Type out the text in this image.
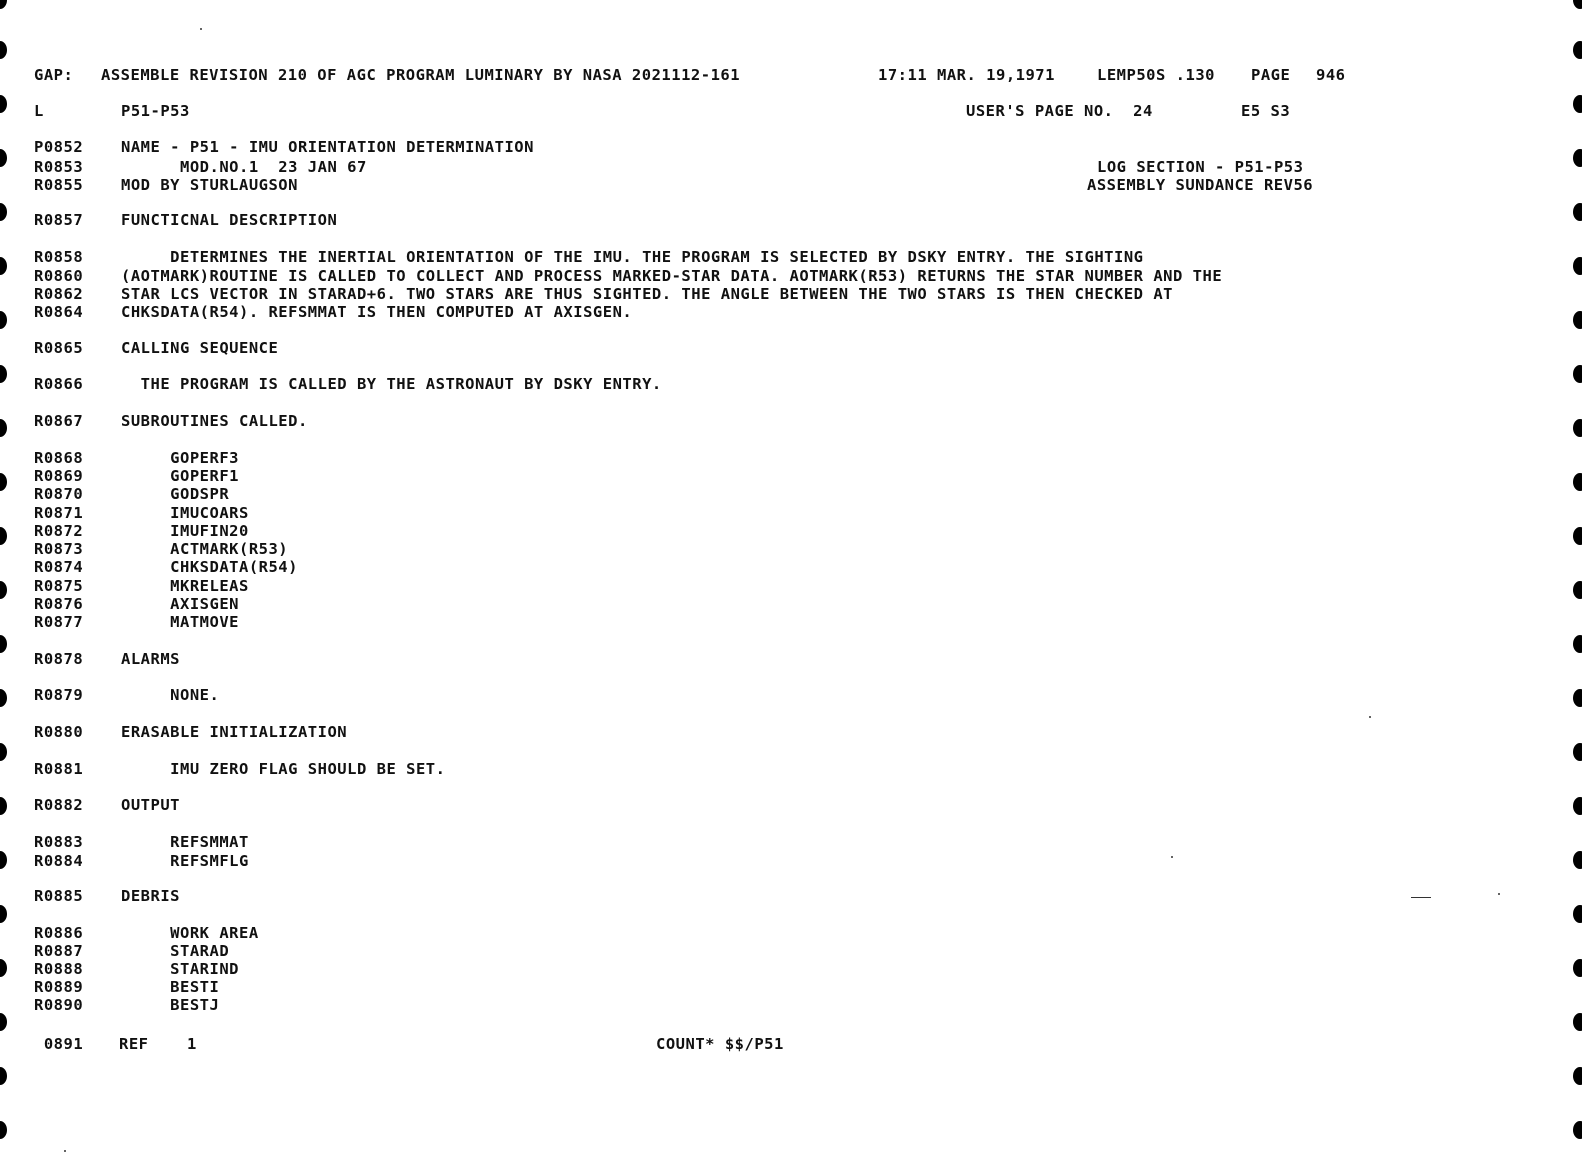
GAP: ASSEMBLE REVISION 210 OF AGC PROGRAM LUMINARY BY NASA 2021112-161	17:11 MAR. 19,1971	LEMP50S .130 PAGE 946
L	P51-P53	USER'S PAGE NO.  24	E5 S3
LOG SECTION - P51-P53
ASSEMBLY SUNDANCE REV56
P0852 NAME - P51 - IMU ORIENTATION DETERMINATION
R0853 MOD.NO.1  23 JAN 67
R0855 MOD BY STURLAUGSON
R0857 FUNCTICNAL DESCRIPTION
R0858 DETERMINES THE INERTIAL ORIENTATION OF THE IMU. THE PROGRAM IS SELECTED BY DSKY ENTRY. THE SIGHTING
R0860 (AOTMARK)ROUTINE IS CALLED TO COLLECT AND PROCESS MARKED-STAR DATA. AOTMARK(R53) RETURNS THE STAR NUMBER AND THE
R0862 STAR LCS VECTOR IN STARAD+6. TWO STARS ARE THUS SIGHTED. THE ANGLE BETWEEN THE TWO STARS IS THEN CHECKED AT
R0864 CHKSDATA(R54). REFSMMAT IS THEN COMPUTED AT AXISGEN.
R0865 CALLING SEQUENCE
R0866 THE PROGRAM IS CALLED BY THE ASTRONAUT BY DSKY ENTRY.
R0867 SUBROUTINES CALLED.
R0868 GOPERF3
R0869 GOPERF1
R0870 GODSPR
R0871 IMUCOARS
R0872 IMUFIN20
R0873 ACTMARK(R53)
R0874 CHKSDATA(R54)
R0875 MKRELEAS
R0876 AXISGEN
R0877 MATMOVE
R0878 ALARMS
R0879 NONE.
R0880 ERASABLE INITIALIZATION
R0881 IMU ZERO FLAG SHOULD BE SET.
R0882 OUTPUT
R0883 REFSMMAT
R0884 REFSMFLG
R0885 DEBRIS
R0886 WORK AREA
R0887 STARAD
R0888 STARIND
R0889 BESTI
R0890 BESTJ
0891 REF 1	COUNT* $$/P51
